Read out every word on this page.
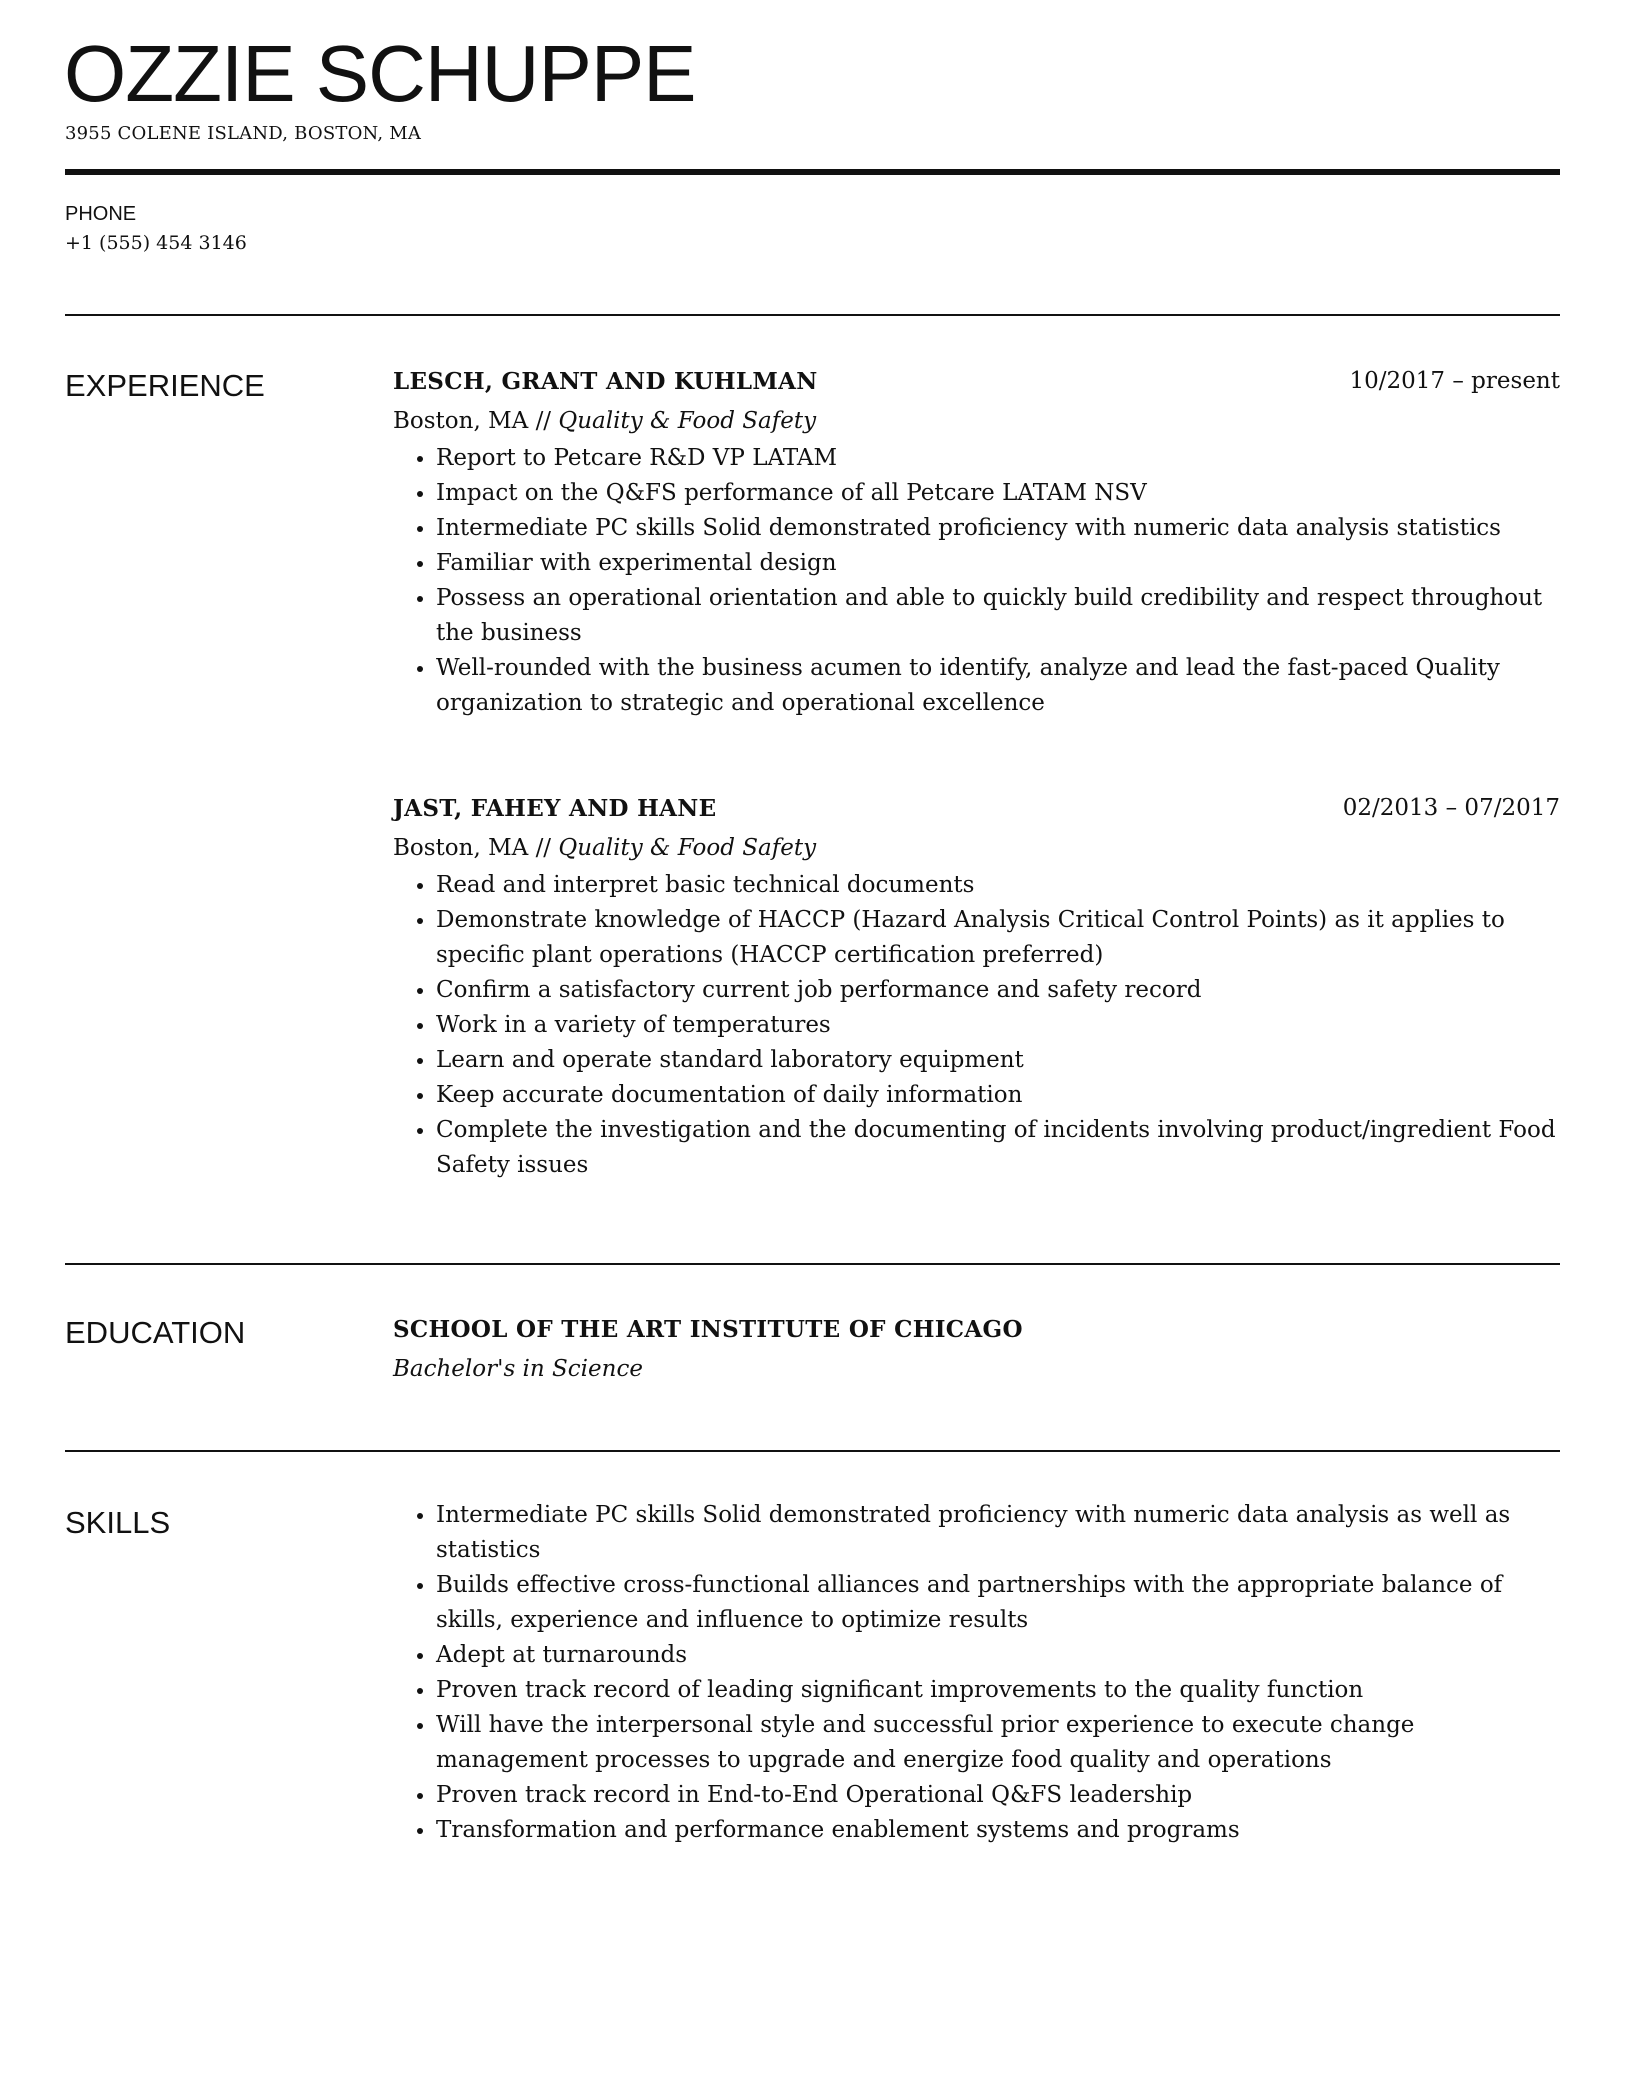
OZZIE SCHUPPE
3955 COLENE ISLAND, BOSTON, MA
PHONE
+1 (555) 454 3146
EXPERIENCE	LESCH, GRANT AND KUHLMAN	10/2017 – present
Boston, MA // Quality & Food Safety
• Report to Petcare R&D VP LATAM
• Impact on the Q&FS performance of all Petcare LATAM NSV
• Intermediate PC skills Solid demonstrated proficiency with numeric data analysis statistics
• Familiar with experimental design
• Possess an operational orientation and able to quickly build credibility and respect throughout the business
• Well-rounded with the business acumen to identify, analyze and lead the fast-paced Quality organization to strategic and operational excellence
JAST, FAHEY AND HANE	02/2013 – 07/2017
Boston, MA // Quality & Food Safety
• Read and interpret basic technical documents
• Demonstrate knowledge of HACCP (Hazard Analysis Critical Control Points) as it applies to specific plant operations (HACCP certification preferred)
• Confirm a satisfactory current job performance and safety record
• Work in a variety of temperatures
• Learn and operate standard laboratory equipment
• Keep accurate documentation of daily information
• Complete the investigation and the documenting of incidents involving product/ingredient Food Safety issues
EDUCATION	SCHOOL OF THE ART INSTITUTE OF CHICAGO
Bachelor's in Science
SKILLS	• Intermediate PC skills Solid demonstrated proficiency with numeric data analysis as well as statistics
• Builds effective cross-functional alliances and partnerships with the appropriate balance of skills, experience and influence to optimize results
• Adept at turnarounds
• Proven track record of leading significant improvements to the quality function
• Will have the interpersonal style and successful prior experience to execute change management processes to upgrade and energize food quality and operations
• Proven track record in End-to-End Operational Q&FS leadership
• Transformation and performance enablement systems and programs
